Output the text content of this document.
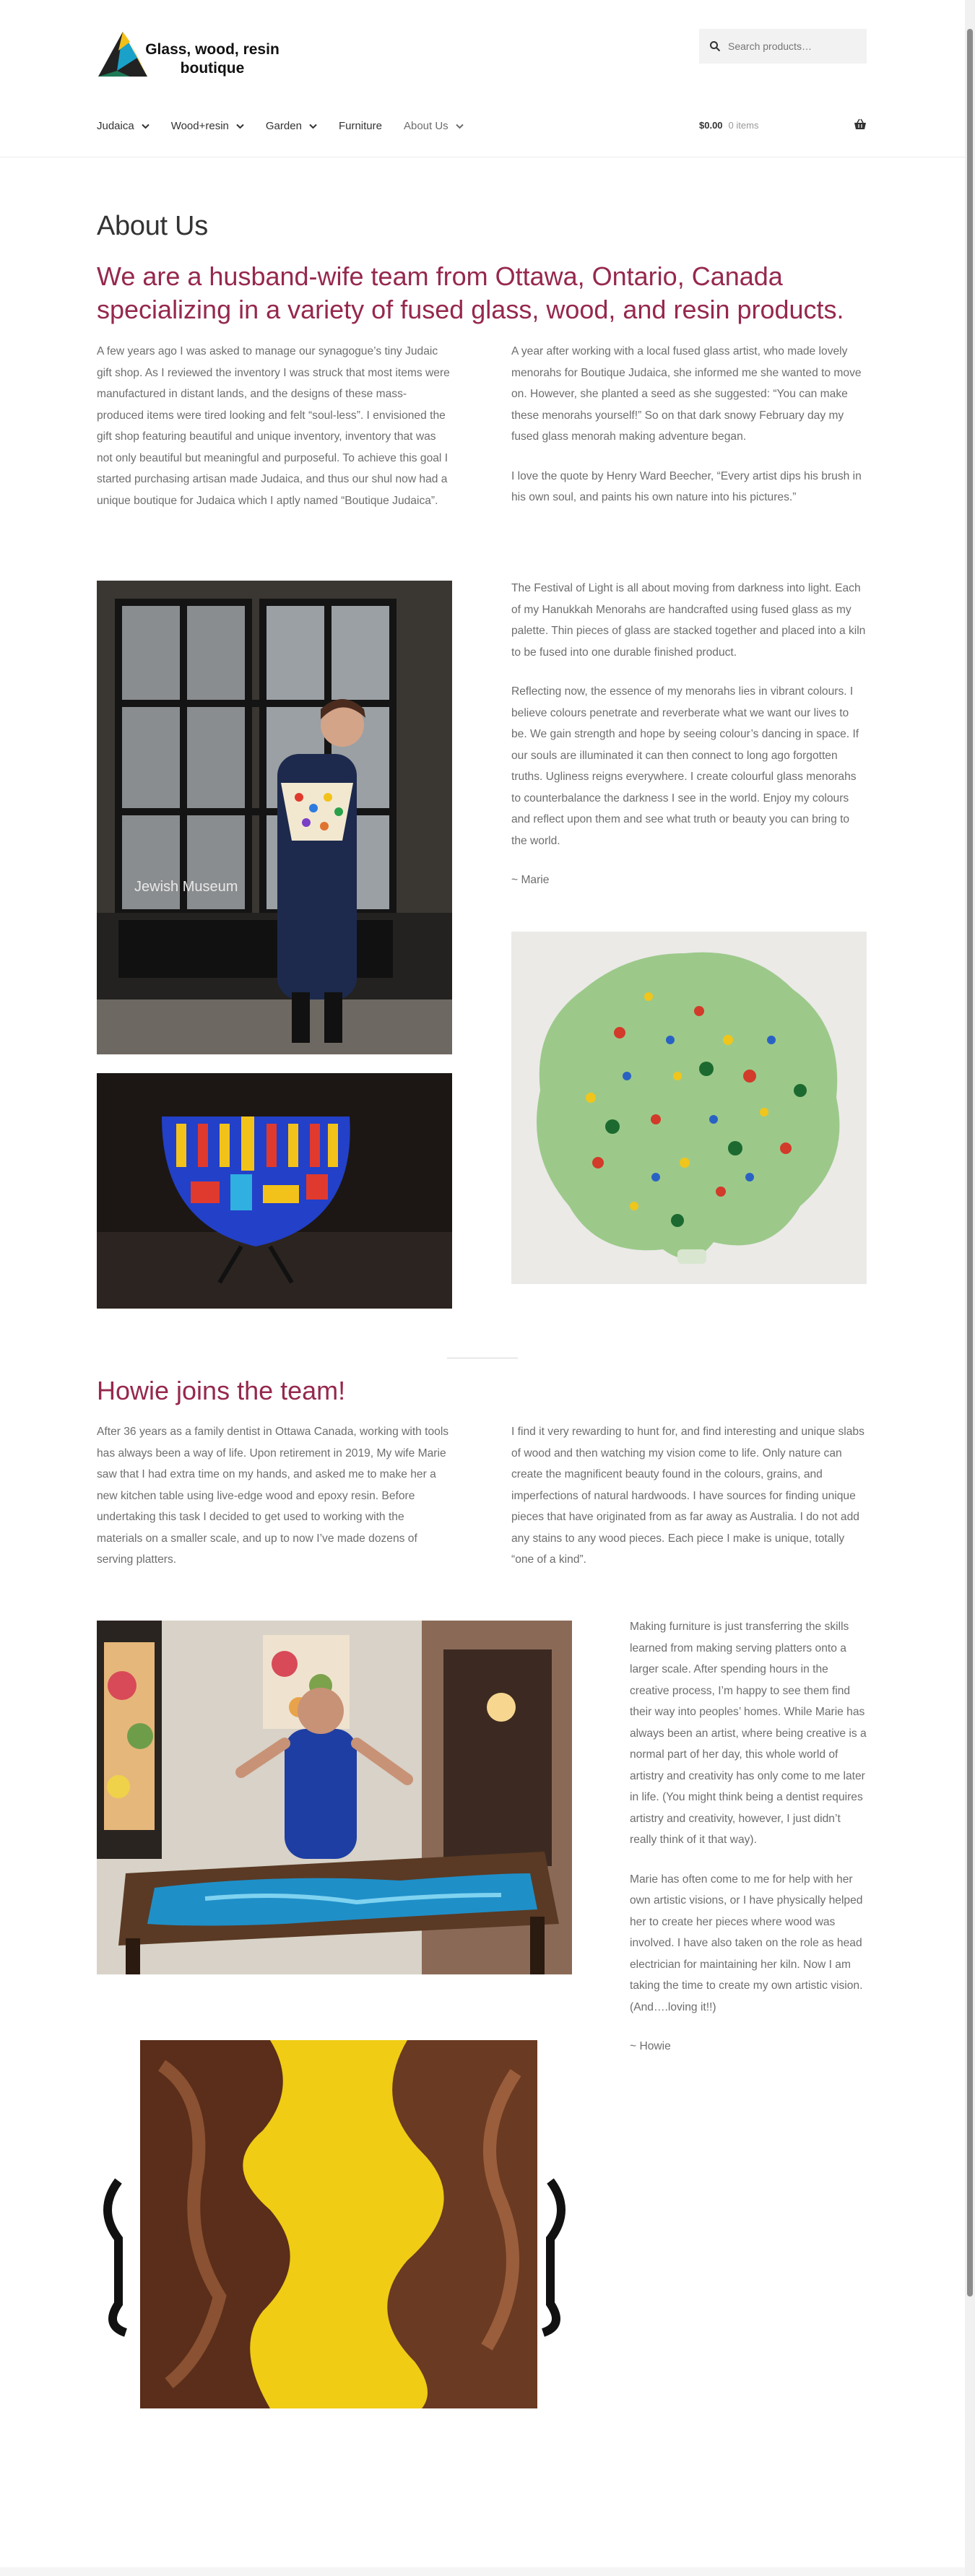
Glass, wood, resin boutique
Search products…
Judaica	Wood+resin	Garden	Furniture About Us	$0.00 0 items
About Us
We are a husband-wife team from Ottawa, Ontario, Canada specializing in a variety of fused glass, wood, and resin products.

A few years ago I was asked to manage our synagogue’s tiny Judaic gift shop. As I reviewed the inventory I was struck that most items were manufactured in distant lands, and the designs of these mass-produced items were tired looking and felt “soul-less”. I envisioned the gift shop featuring beautiful and unique inventory, inventory that was not only beautiful but meaningful and purposeful. To achieve this goal I started purchasing artisan made Judaica, and thus our shul now had a unique boutique for Judaica which I aptly named “Boutique Judaica”.

A year after working with a local fused glass artist, who made lovely menorahs for Boutique Judaica, she informed me she wanted to move on. However, she planted a seed as she suggested: “You can make these menorahs yourself!” So on that dark snowy February day my fused glass menorah making adventure began.

I love the quote by Henry Ward Beecher, “Every artist dips his brush in his own soul, and paints his own nature into his pictures.”

Jewish Museum

The Festival of Light is all about moving from darkness into light. Each of my Hanukkah Menorahs are handcrafted using fused glass as my palette. Thin pieces of glass are stacked together and placed into a kiln to be fused into one durable finished product.

Reflecting now, the essence of my menorahs lies in vibrant colours. I believe colours penetrate and reverberate what we want our lives to be. We gain strength and hope by seeing colour’s dancing in space. If our souls are illuminated it can then connect to long ago forgotten truths. Ugliness reigns everywhere. I create colourful glass menorahs to counterbalance the darkness I see in the world. Enjoy my colours and reflect upon them and see what truth or beauty you can bring to the world.

~ Marie

Howie joins the team!

After 36 years as a family dentist in Ottawa Canada, working with tools has always been a way of life. Upon retirement in 2019, My wife Marie saw that I had extra time on my hands, and asked me to make her a new kitchen table using live-edge wood and epoxy resin. Before undertaking this task I decided to get used to working with the materials on a smaller scale, and up to now I’ve made dozens of serving platters.

I find it very rewarding to hunt for, and find interesting and unique slabs of wood and then watching my vision come to life. Only nature can create the magnificent beauty found in the colours, grains, and imperfections of natural hardwoods. I have sources for finding unique pieces that have originated from as far away as Australia. I do not add any stains to any wood pieces. Each piece I make is unique, totally “one of a kind”.

Making furniture is just transferring the skills learned from making serving platters onto a larger scale. After spending hours in the creative process, I’m happy to see them find their way into peoples’ homes. While Marie has always been an artist, where being creative is a normal part of her day, this whole world of artistry and creativity has only come to me later in life. (You might think being a dentist requires artistry and creativity, however, I just didn’t really think of it that way).

Marie has often come to me for help with her own artistic visions, or I have physically helped her to create her pieces where wood was involved. I have also taken on the role as head electrician for maintaining her kiln. Now I am taking the time to create my own artistic vision. (And….loving it!!)

~ Howie
